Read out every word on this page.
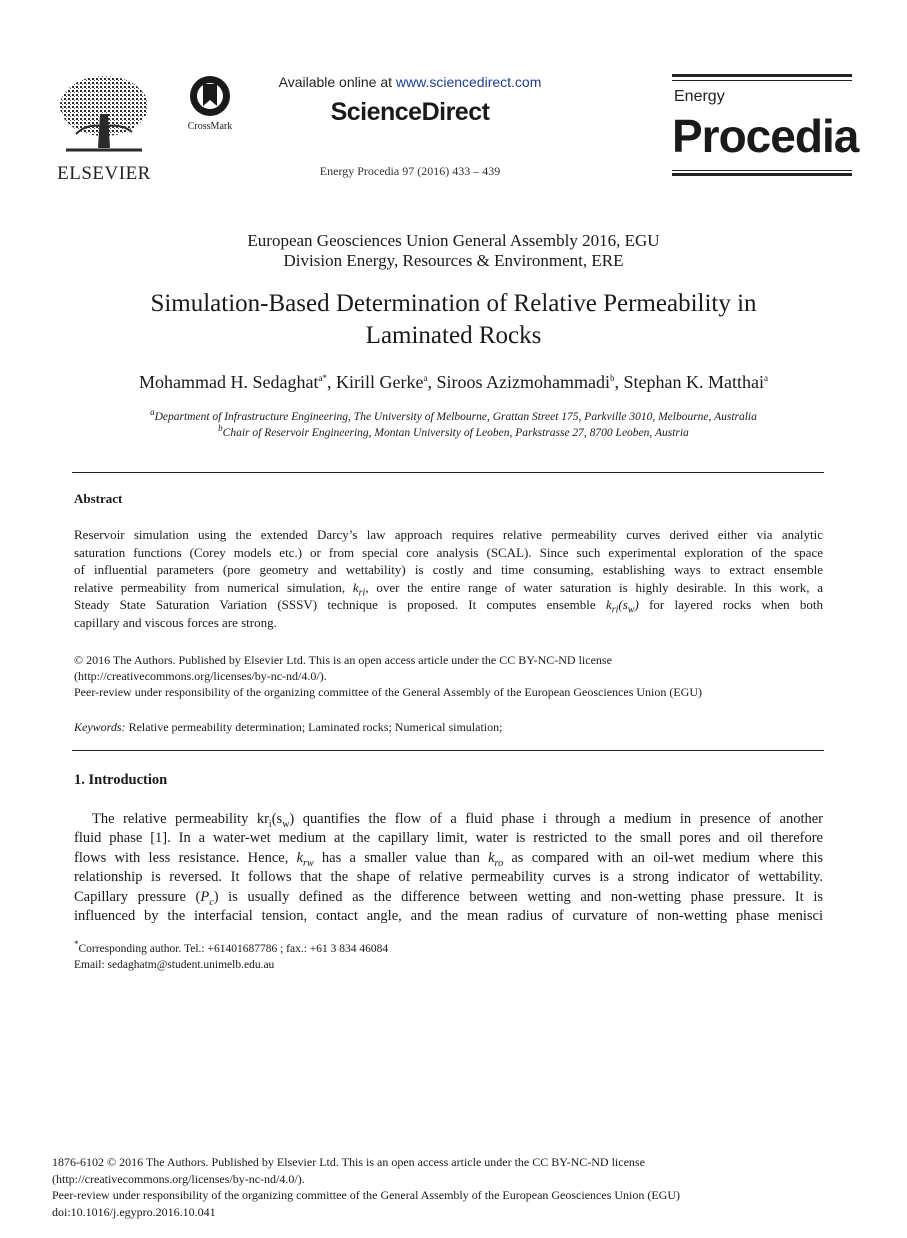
ELSEVIER
CrossMark
Available online at www.sciencedirect.com
ScienceDirect
Energy Procedia 97 (2016) 433 – 439
Energy
Procedia
European Geosciences Union General Assembly 2016, EGU
Division Energy, Resources & Environment, ERE
Simulation-Based Determination of Relative Permeability in
Laminated Rocks
Mohammad H. Sedaghat$^{a*}$, Kirill Gerke$^a$, Siroos Azizmohammadi$^b$, Stephan K. Matthai$^a$
$^a$Department of Infrastructure Engineering, The University of Melbourne, Grattan Street 175, Parkville 3010, Melbourne, Australia
$^b$Chair of Reservoir Engineering, Montan University of Leoben, Parkstrasse 27, 8700 Leoben, Austria
Abstract
Reservoir simulation using the extended Darcy’s law approach requires relative permeability curves derived either via analytic
saturation functions (Corey models etc.) or from special core analysis (SCAL). Since such experimental exploration of the space
of influential parameters (pore geometry and wettability) is costly and time consuming, establishing ways to extract ensemble
relative permeability from numerical simulation, $k_{ri}$, over the entire range of water saturation is highly desirable. In this work, a
Steady State Saturation Variation (SSSV) technique is proposed. It computes ensemble $k_{ri}(s_w)$ for layered rocks when both
capillary and viscous forces are strong.
© 2016 The Authors. Published by Elsevier Ltd. This is an open access article under the CC BY-NC-ND license
(http://creativecommons.org/licenses/by-nc-nd/4.0/).
Peer-review under responsibility of the organizing committee of the General Assembly of the European Geosciences Union (EGU)
Keywords: Relative permeability determination; Laminated rocks; Numerical simulation;
1. Introduction
The relative permeability $kr_i(s_w)$ quantifies the flow of a fluid phase i through a medium in presence of another
fluid phase [1]. In a water-wet medium at the capillary limit, water is restricted to the small pores and oil therefore
flows with less resistance. Hence, $k_{rw}$ has a smaller value than $k_{ro}$ as compared with an oil-wet medium where this
relationship is reversed. It follows that the shape of relative permeability curves is a strong indicator of wettability.
Capillary pressure $(P_c)$ is usually defined as the difference between wetting and non-wetting phase pressure. It is
influenced by the interfacial tension, contact angle, and the mean radius of curvature of non-wetting phase menisci
*Corresponding author. Tel.: +61401687786 ; fax.: +61 3 834 46084
Email: sedaghatm@student.unimelb.edu.au
1876-6102 © 2016 The Authors. Published by Elsevier Ltd. This is an open access article under the CC BY-NC-ND license
(http://creativecommons.org/licenses/by-nc-nd/4.0/).
Peer-review under responsibility of the organizing committee of the General Assembly of the European Geosciences Union (EGU)
doi:10.1016/j.egypro.2016.10.041
